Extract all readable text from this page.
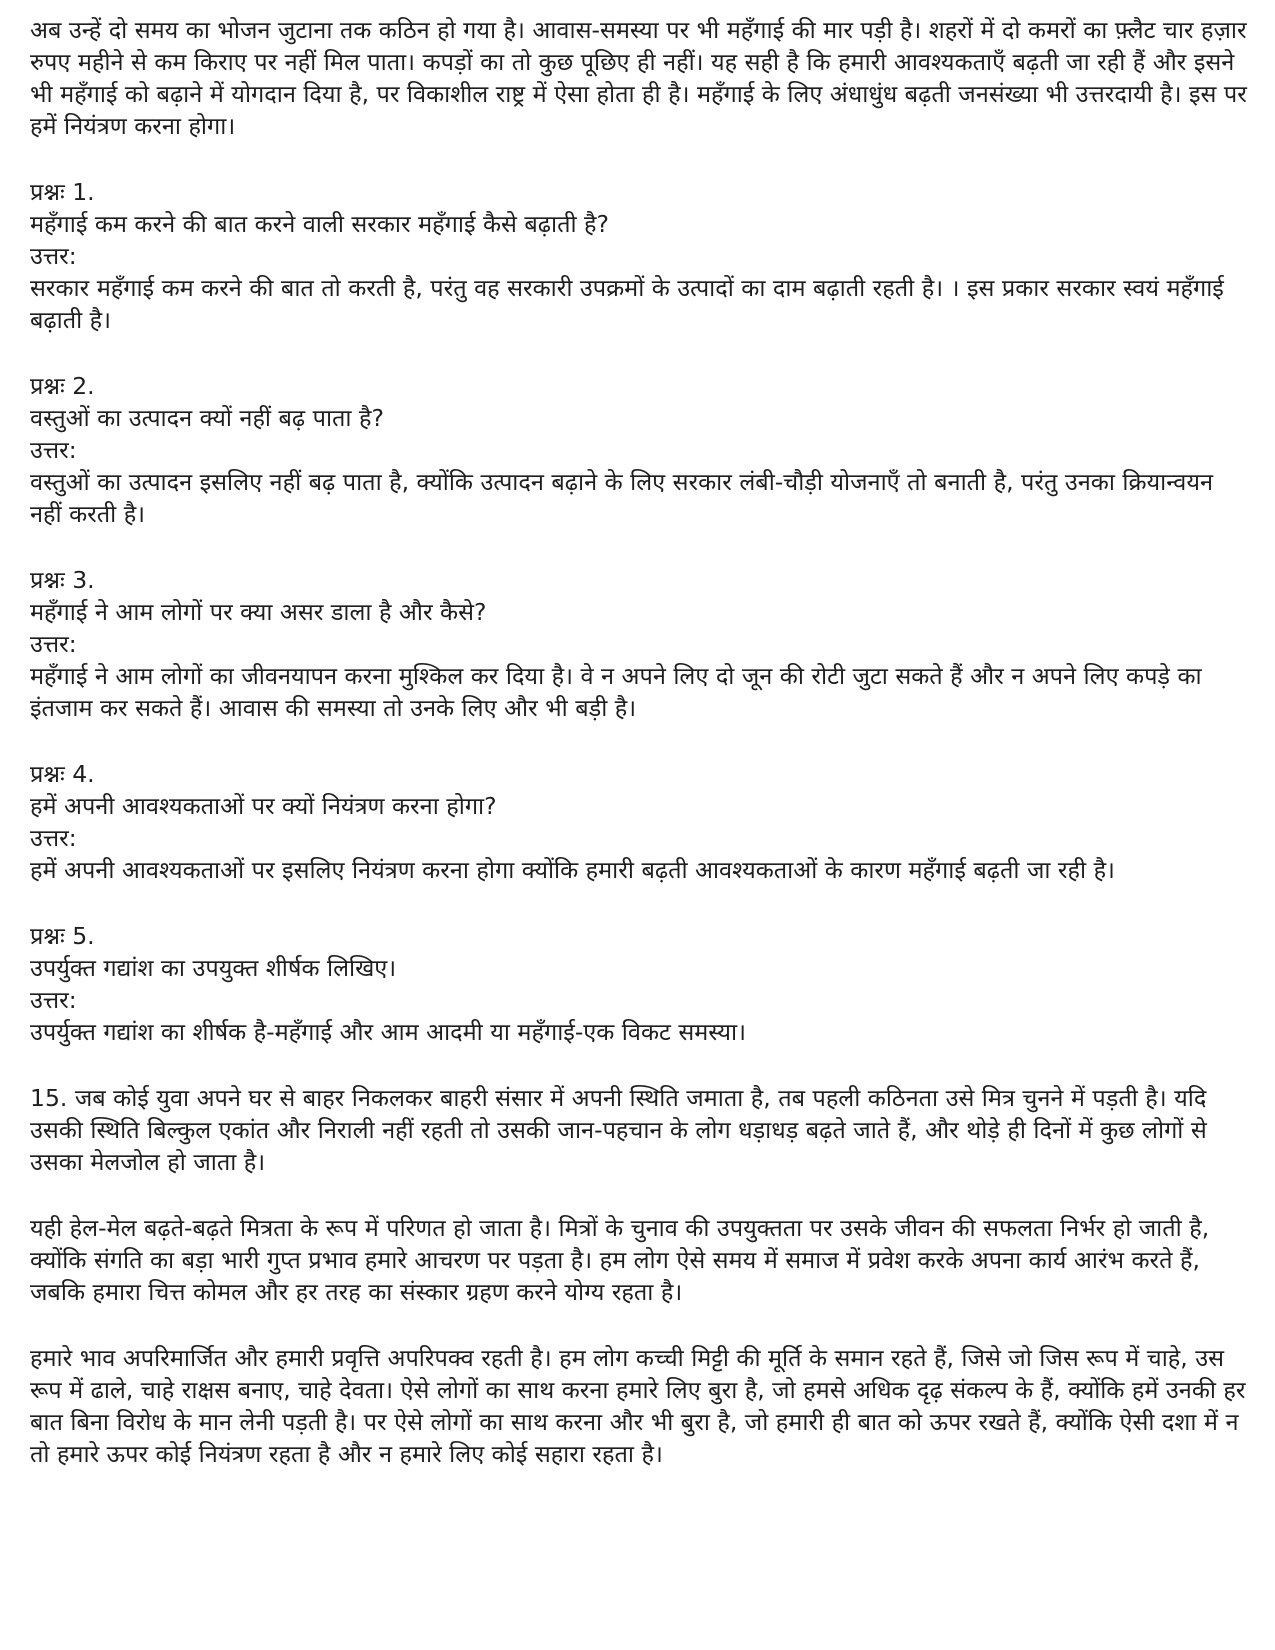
अब उन्हें दो समय का भोजन जुटाना तक कठिन हो गया है। आवास-समस्या पर भी महँगाई की मार पड़ी है। शहरों में दो कमरों का फ़्लैट चार हज़ार रुपए महीने से कम किराए पर नहीं मिल पाता। कपड़ों का तो कुछ पूछिए ही नहीं। यह सही है कि हमारी आवश्यकताएँ बढ़ती जा रही हैं और इसने भी महँगाई को बढ़ाने में योगदान दिया है, पर विकाशील राष्ट्र में ऐसा होता ही है। महँगाई के लिए अंधाधुंध बढ़ती जनसंख्या भी उत्तरदायी है। इस पर हमें नियंत्रण करना होगा।

प्रश्नः 1.
महँगाई कम करने की बात करने वाली सरकार महँगाई कैसे बढ़ाती है?
उत्तर:
सरकार महँगाई कम करने की बात तो करती है, परंतु वह सरकारी उपक्रमों के उत्पादों का दाम बढ़ाती रहती है। । इस प्रकार सरकार स्वयं महँगाई बढ़ाती है।
प्रश्नः 2.
वस्तुओं का उत्पादन क्यों नहीं बढ़ पाता है?
उत्तर:
वस्तुओं का उत्पादन इसलिए नहीं बढ़ पाता है, क्योंकि उत्पादन बढ़ाने के लिए सरकार लंबी-चौड़ी योजनाएँ तो बनाती है, परंतु उनका क्रियान्वयन नहीं करती है।
प्रश्नः 3.
महँगाई ने आम लोगों पर क्या असर डाला है और कैसे?
उत्तर:
महँगाई ने आम लोगों का जीवनयापन करना मुश्किल कर दिया है। वे न अपने लिए दो जून की रोटी जुटा सकते हैं और न अपने लिए कपड़े का इंतजाम कर सकते हैं। आवास की समस्या तो उनके लिए और भी बड़ी है।
प्रश्नः 4.
हमें अपनी आवश्यकताओं पर क्यों नियंत्रण करना होगा?
उत्तर:
हमें अपनी आवश्यकताओं पर इसलिए नियंत्रण करना होगा क्योंकि हमारी बढ़ती आवश्यकताओं के कारण महँगाई बढ़ती जा रही है।
प्रश्नः 5.
उपर्युक्त गद्यांश का उपयुक्त शीर्षक लिखिए।
उत्तर:
उपर्युक्त गद्यांश का शीर्षक है-महँगाई और आम आदमी या महँगाई-एक विकट समस्या।

15. जब कोई युवा अपने घर से बाहर निकलकर बाहरी संसार में अपनी स्थिति जमाता है, तब पहली कठिनता उसे मित्र चुनने में पड़ती है। यदि उसकी स्थिति बिल्कुल एकांत और निराली नहीं रहती तो उसकी जान-पहचान के लोग धड़ाधड़ बढ़ते जाते हैं, और थोड़े ही दिनों में कुछ लोगों से उसका मेलजोल हो जाता है।

यही हेल-मेल बढ़ते-बढ़ते मित्रता के रूप में परिणत हो जाता है। मित्रों के चुनाव की उपयुक्तता पर उसके जीवन की सफलता निर्भर हो जाती है, क्योंकि संगति का बड़ा भारी गुप्त प्रभाव हमारे आचरण पर पड़ता है। हम लोग ऐसे समय में समाज में प्रवेश करके अपना कार्य आरंभ करते हैं, जबकि हमारा चित्त कोमल और हर तरह का संस्कार ग्रहण करने योग्य रहता है।

हमारे भाव अपरिमार्जित और हमारी प्रवृत्ति अपरिपक्व रहती है। हम लोग कच्ची मिट्टी की मूर्ति के समान रहते हैं, जिसे जो जिस रूप में चाहे, उस रूप में ढाले, चाहे राक्षस बनाए, चाहे देवता। ऐसे लोगों का साथ करना हमारे लिए बुरा है, जो हमसे अधिक दृढ़ संकल्प के हैं, क्योंकि हमें उनकी हर बात बिना विरोध के मान लेनी पड़ती है। पर ऐसे लोगों का साथ करना और भी बुरा है, जो हमारी ही बात को ऊपर रखते हैं, क्योंकि ऐसी दशा में न तो हमारे ऊपर कोई नियंत्रण रहता है और न हमारे लिए कोई सहारा रहता है।
